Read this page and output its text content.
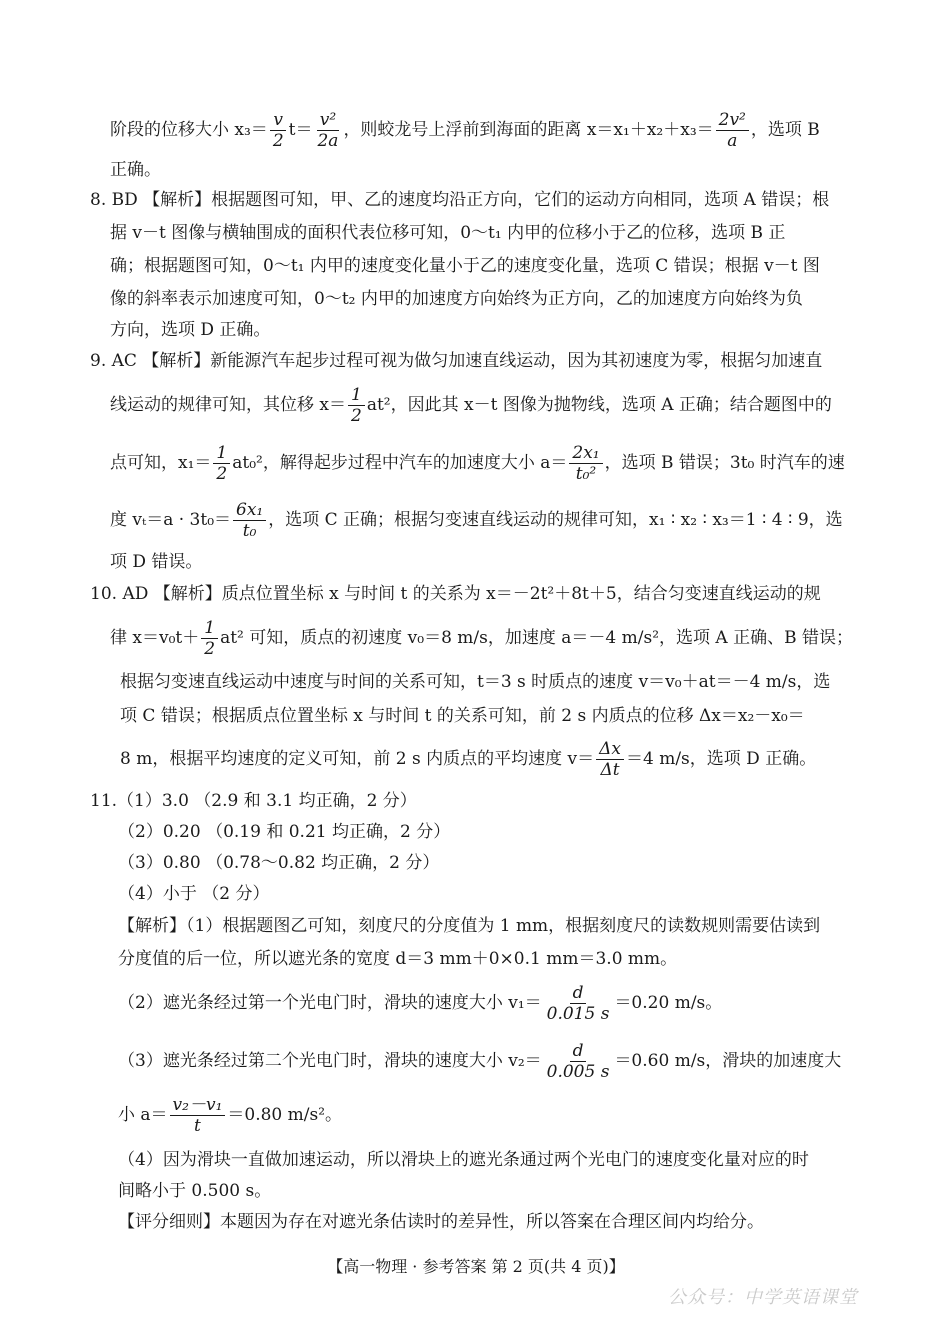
阶段的位移大小 $x_3= \frac{v}{2} t= \frac{\text{v²}}{2a}$ ，则蛟龙号上浮前到海面的距离 $x=x_1+x_2+x_3= \frac{\text{2v²}}{a}$ ，选项 B
正确。
8. BD 【解析】根据题图可知，甲、乙的速度均沿正方向，它们的运动方向相同，选项 A 错误；根
据 v－t 图像与横轴围成的面积代表位移可知，0～t₁ 内甲的位移小于乙的位移，选项 B 正
确；根据题图可知，0～t₁ 内甲的速度变化量小于乙的速度变化量，选项 C 错误；根据 v－t 图
像的斜率表示加速度可知，0～t₂ 内甲的加速度方向始终为正方向，乙的加速度方向始终为负
方向，选项 D 正确。
9. AC 【解析】新能源汽车起步过程可视为做匀加速直线运动，因为其初速度为零，根据匀加速直
线运动的规律可知，其位移 $x= \frac{1}{2} at^2$，因此其 x－t 图像为抛物线，选项 A 正确；结合题图中的
点可知，$x_1= \frac{1}{2} at_0^2$，解得起步过程中汽车的加速度大小 $a= \frac{\text{2x₁}}{\text{t₀²}}$ ，选项 B 错误；3t₀ 时汽车的速
度 $v_t=a \cdot 3t_0= \frac{\text{6x₁}}{\text{t₀}}$ ，选项 C 正确；根据匀变速直线运动的规律可知，x₁ ∶ x₂ ∶ x₃＝1 ∶ 4 ∶ 9，选
项 D 错误。
10. AD 【解析】质点位置坐标 x 与时间 t 的关系为 x＝－2t²＋8t＋5，结合匀变速直线运动的规
律 $x=v_0t+ \frac{1}{2} at^2$ 可知，质点的初速度 v₀＝8 m/s，加速度 a＝－4 m/s²，选项 A 正确、B 错误；
根据匀变速直线运动中速度与时间的关系可知，t＝3 s 时质点的速度 v＝v₀＋at＝－4 m/s，选
项 C 错误；根据质点位置坐标 x 与时间 t 的关系可知，前 2 s 内质点的位移 Δx＝x₂－x₀＝
8 m，根据平均速度的定义可知，前 2 s 内质点的平均速度 $v= \frac{\Delta x}{\Delta t} =4$ m/s，选项 D 正确。
11.（1）3.0 （2.9 和 3.1 均正确，2 分）
（2）0.20 （0.19 和 0.21 均正确，2 分）
（3）0.80 （0.78～0.82 均正确，2 分）
（4）小于 （2 分）
【解析】（1）根据题图乙可知，刻度尺的分度值为 1 mm，根据刻度尺的读数规则需要估读到
分度值的后一位，所以遮光条的宽度 d＝3 mm＋0×0.1 mm＝3.0 mm。
（2）遮光条经过第一个光电门时，滑块的速度大小 $v_1= \frac{d}{0.015 s} =0.20$ m/s。
（3）遮光条经过第二个光电门时，滑块的速度大小 $v_2= \frac{d}{0.005 s} =0.60$ m/s，滑块的加速度大
小 $a= \frac{\text{v₂－v₁}}{t} =0.80$ m/s²。
（4）因为滑块一直做加速运动，所以滑块上的遮光条通过两个光电门的速度变化量对应的时
间略小于 0.500 s。
【评分细则】本题因为存在对遮光条估读时的差异性，所以答案在合理区间内均给分。
【高一物理 · 参考答案 第 2 页(共 4 页)】
公众号：中学英语课堂
